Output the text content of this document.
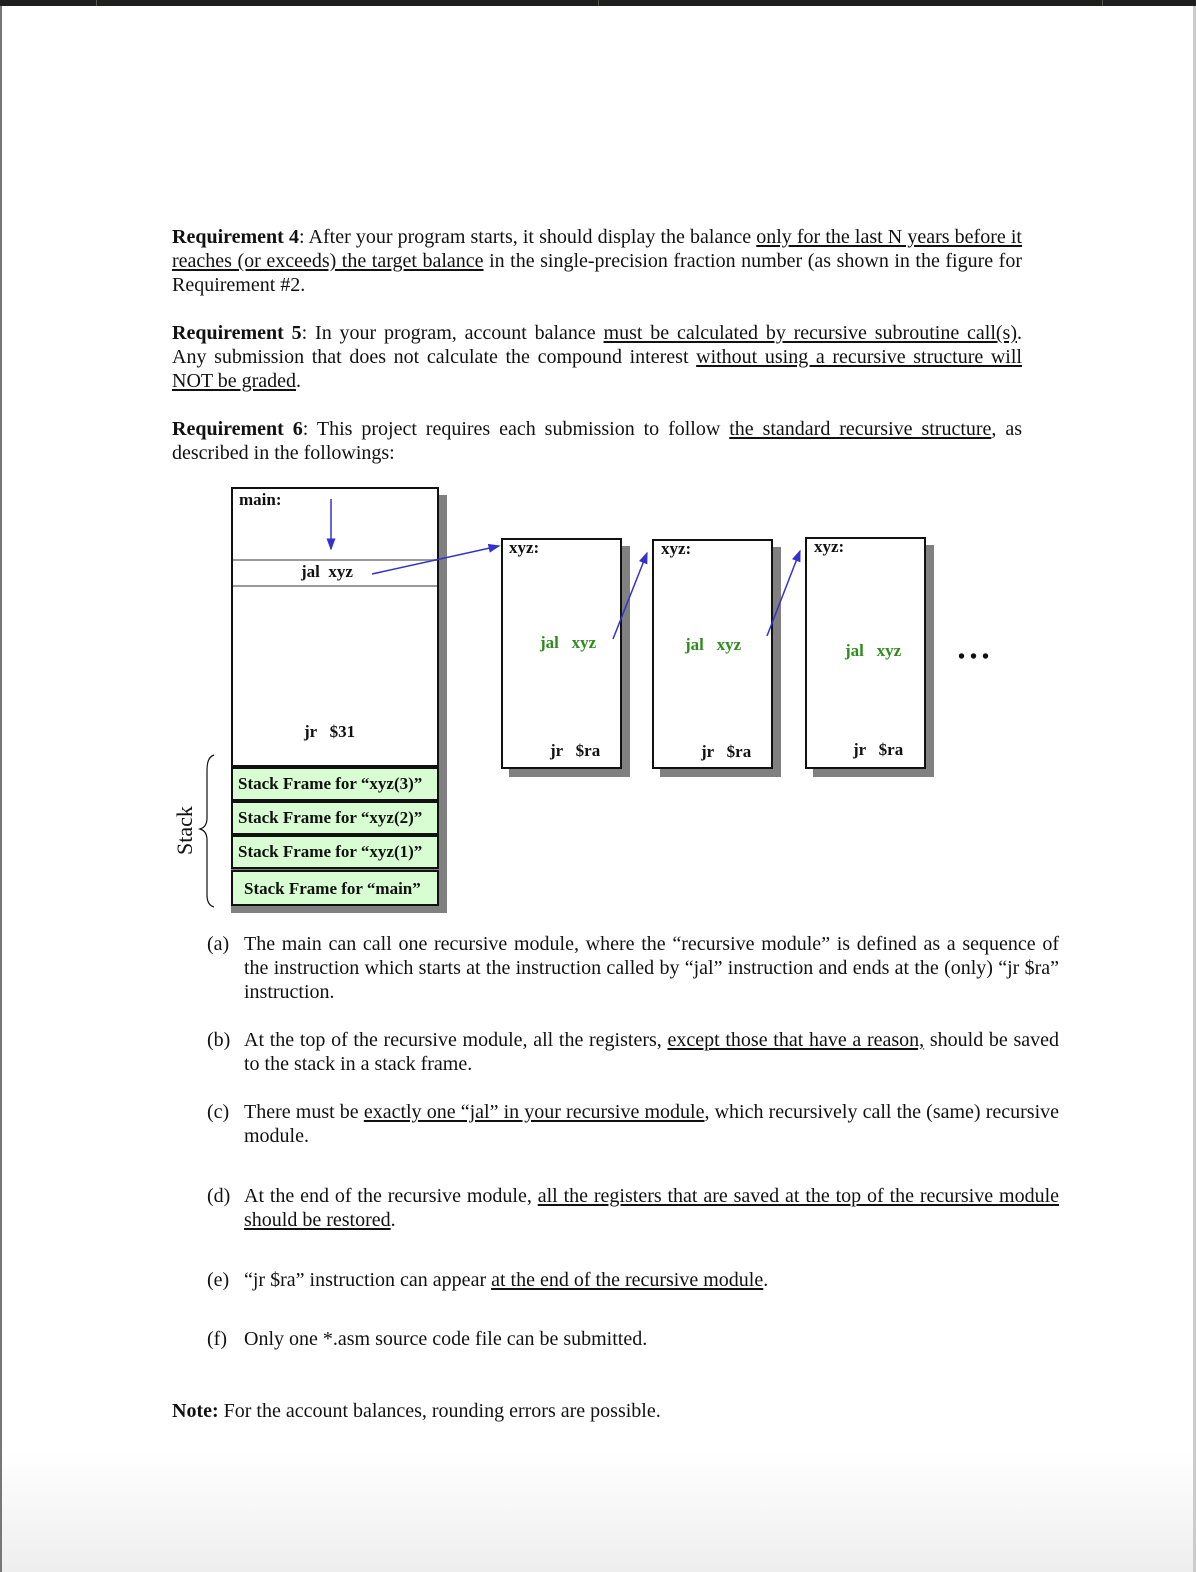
Requirement 4: After your program starts, it should display the balance only for the last N years before it reaches (or exceeds) the target balance in the single-precision fraction number (as shown in the figure for Requirement #2.
Requirement 5: In your program, account balance must be calculated by recursive subroutine call(s). Any submission that does not calculate the compound interest without using a recursive structure will NOT be graded.
Requirement 6: This project requires each submission to follow the standard recursive structure, as described in the followings:
main:
jal  xyz
jr   $31
xyz:
jal   xyz
jr   $ra
xyz:
jal   xyz
jr   $ra
xyz:
jal   xyz
jr   $ra
• • •
Stack Frame for “xyz(3)”
Stack Frame for “xyz(2)”
Stack Frame for “xyz(1)”
Stack Frame for “main”
Stack
(a) The main can call one recursive module, where the “recursive module” is defined as a sequence of the instruction which starts at the instruction called by “jal” instruction and ends at the (only) “jr $ra” instruction.
(b) At the top of the recursive module, all the registers, except those that have a reason, should be saved to the stack in a stack frame.
(c) There must be exactly one “jal” in your recursive module, which recursively call the (same) recursive module.
(d) At the end of the recursive module, all the registers that are saved at the top of the recursive module should be restored.
(e) “jr $ra” instruction can appear at the end of the recursive module.
(f) Only one *.asm source code file can be submitted.
Note: For the account balances, rounding errors are possible.
